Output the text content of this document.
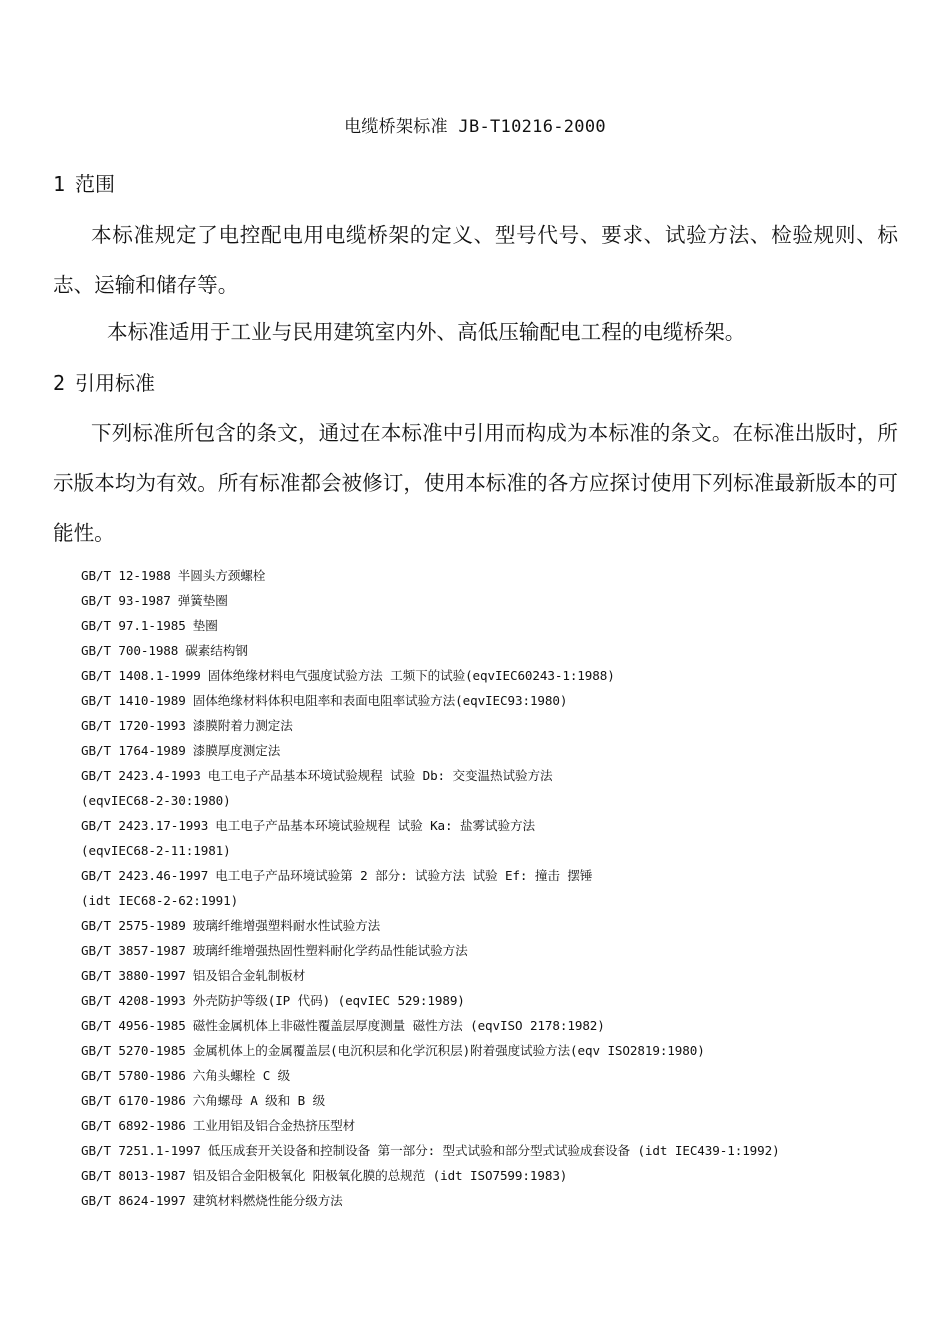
电缆桥架标准 JB-T10216-2000
1 范围

本标准规定了电控配电用电缆桥架的定义、型号代号、要求、试验方法、检验规则、标志、运输和储存等。

本标准适用于工业与民用建筑室内外、高低压输配电工程的电缆桥架。

2 引用标准

下列标准所包含的条文，通过在本标准中引用而构成为本标准的条文。在标准出版时，所示版本均为有效。所有标准都会被修订，使用本标准的各方应探讨使用下列标准最新版本的可能性。

GB/T 12-1988 半圆头方颈螺栓
GB/T 93-1987 弹簧垫圈
GB/T 97.1-1985 垫圈
GB/T 700-1988 碳素结构钢
GB/T 1408.1-1999 固体绝缘材料电气强度试验方法 工频下的试验(eqvIEC60243-1:1988)
GB/T 1410-1989 固体绝缘材料体积电阻率和表面电阻率试验方法(eqvIEC93:1980)
GB/T 1720-1993 漆膜附着力测定法
GB/T 1764-1989 漆膜厚度测定法
GB/T 2423.4-1993 电工电子产品基本环境试验规程 试验 Db: 交变温热试验方法
(eqvIEC68-2-30:1980)
GB/T 2423.17-1993 电工电子产品基本环境试验规程 试验 Ka: 盐雾试验方法
(eqvIEC68-2-11:1981)
GB/T 2423.46-1997 电工电子产品环境试验第 2 部分: 试验方法 试验 Ef: 撞击 摆锤
(idt IEC68-2-62:1991)
GB/T 2575-1989 玻璃纤维增强塑料耐水性试验方法
GB/T 3857-1987 玻璃纤维增强热固性塑料耐化学药品性能试验方法
GB/T 3880-1997 铝及铝合金轧制板材
GB/T 4208-1993 外壳防护等级(IP 代码) (eqvIEC 529:1989)
GB/T 4956-1985 磁性金属机体上非磁性覆盖层厚度测量 磁性方法 (eqvISO 2178:1982)
GB/T 5270-1985 金属机体上的金属覆盖层(电沉积层和化学沉积层)附着强度试验方法(eqv ISO2819:1980)
GB/T 5780-1986 六角头螺栓 C 级
GB/T 6170-1986 六角螺母 A 级和 B 级
GB/T 6892-1986 工业用铝及铝合金热挤压型材
GB/T 7251.1-1997 低压成套开关设备和控制设备 第一部分: 型式试验和部分型式试验成套设备 (idt IEC439-1:1992)
GB/T 8013-1987 铝及铝合金阳极氧化 阳极氧化膜的总规范 (idt ISO7599:1983)
GB/T 8624-1997 建筑材料燃烧性能分级方法
